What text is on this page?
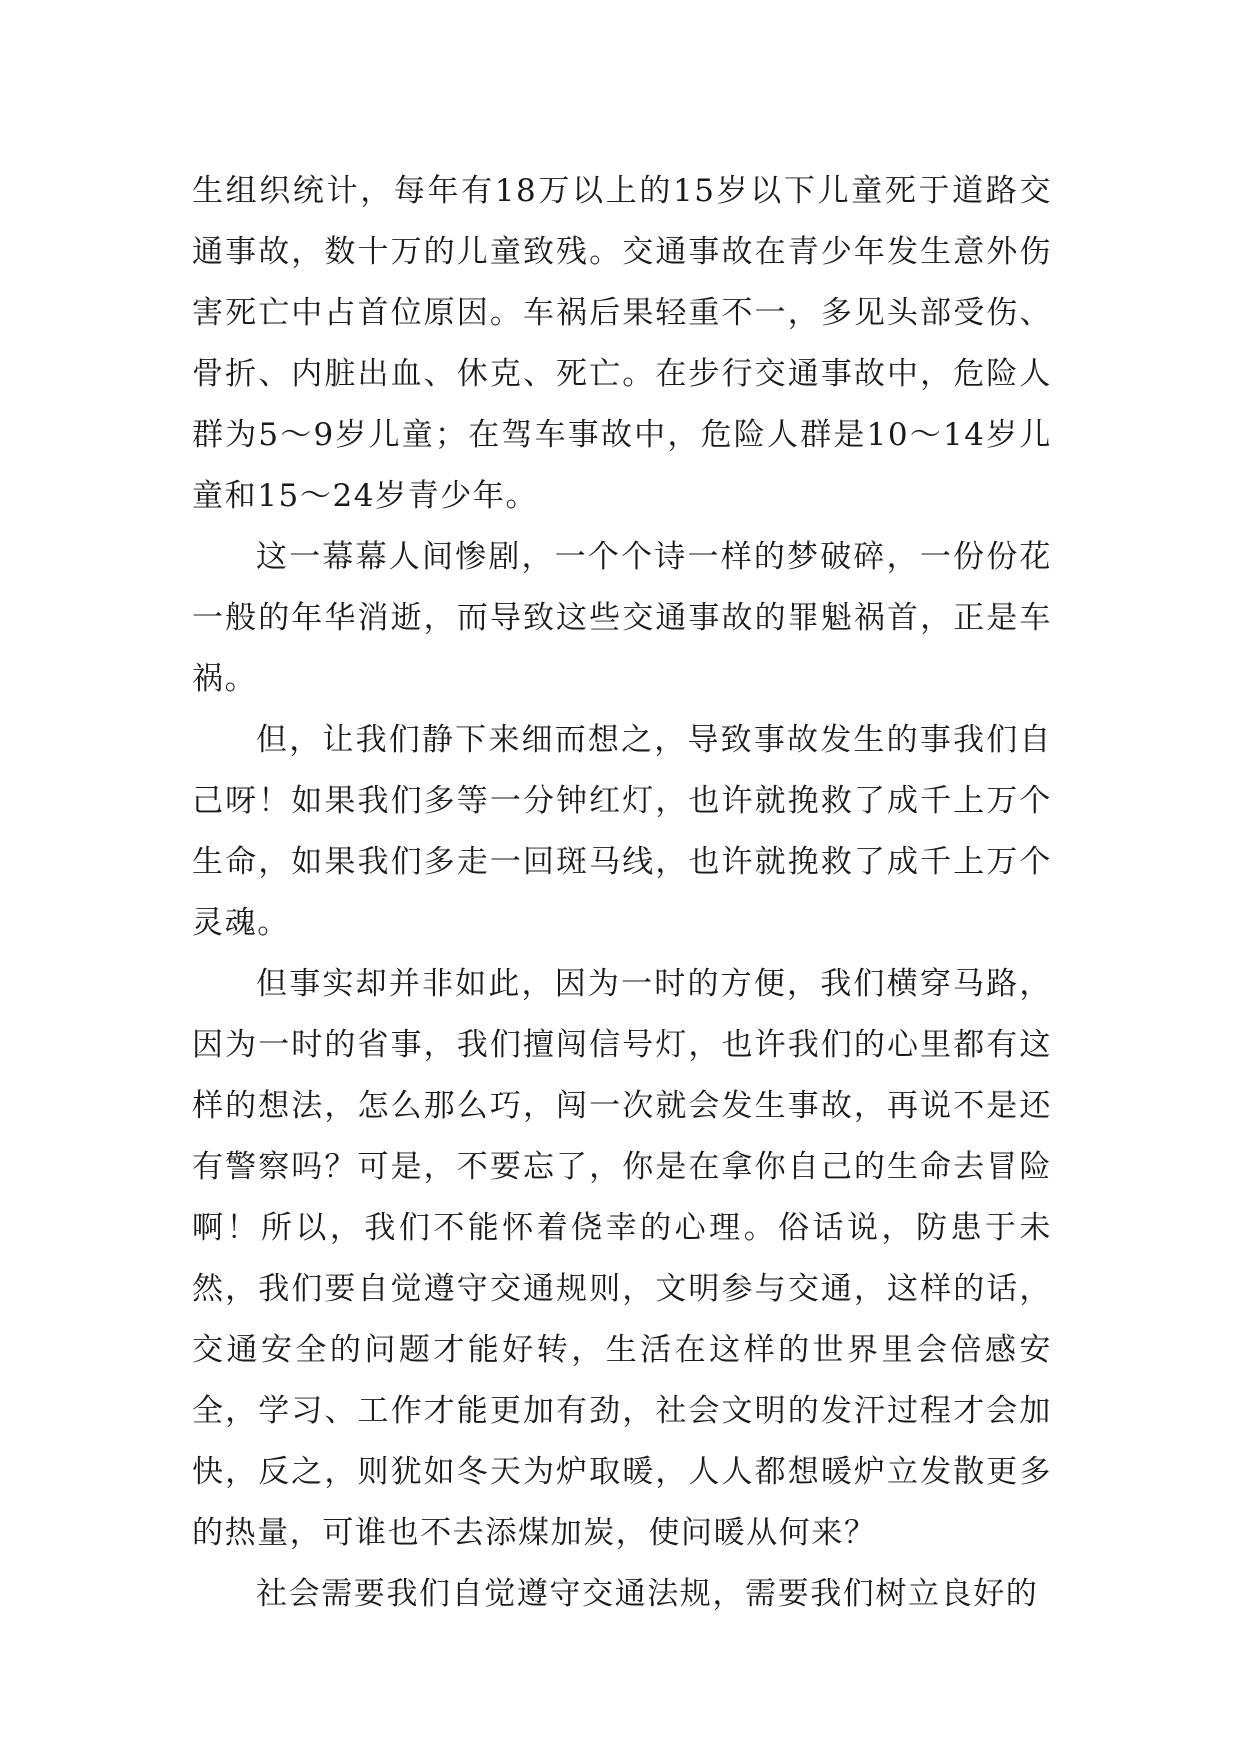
生组织统计，每年有18万以上的15岁以下儿童死于道路交通事故，数十万的儿童致残。交通事故在青少年发生意外伤害死亡中占首位原因。车祸后果轻重不一，多见头部受伤、骨折、内脏出血、休克、死亡。在步行交通事故中，危险人群为5～9岁儿童；在驾车事故中，危险人群是10～14岁儿童和15～24岁青少年。

这一幕幕人间惨剧，一个个诗一样的梦破碎，一份份花一般的年华消逝，而导致这些交通事故的罪魁祸首，正是车祸。

但，让我们静下来细而想之，导致事故发生的事我们自己呀！如果我们多等一分钟红灯，也许就挽救了成千上万个生命，如果我们多走一回斑马线，也许就挽救了成千上万个灵魂。

但事实却并非如此，因为一时的方便，我们横穿马路，因为一时的省事，我们擅闯信号灯，也许我们的心里都有这样的想法，怎么那么巧，闯一次就会发生事故，再说不是还有警察吗？可是，不要忘了，你是在拿你自己的生命去冒险啊！所以，我们不能怀着侥幸的心理。俗话说，防患于未然，我们要自觉遵守交通规则，文明参与交通，这样的话，交通安全的问题才能好转，生活在这样的世界里会倍感安全，学习、工作才能更加有劲，社会文明的发汗过程才会加快，反之，则犹如冬天为炉取暖，人人都想暖炉立发散更多的热量，可谁也不去添煤加炭，使问暖从何来？

社会需要我们自觉遵守交通法规，需要我们树立良好的
